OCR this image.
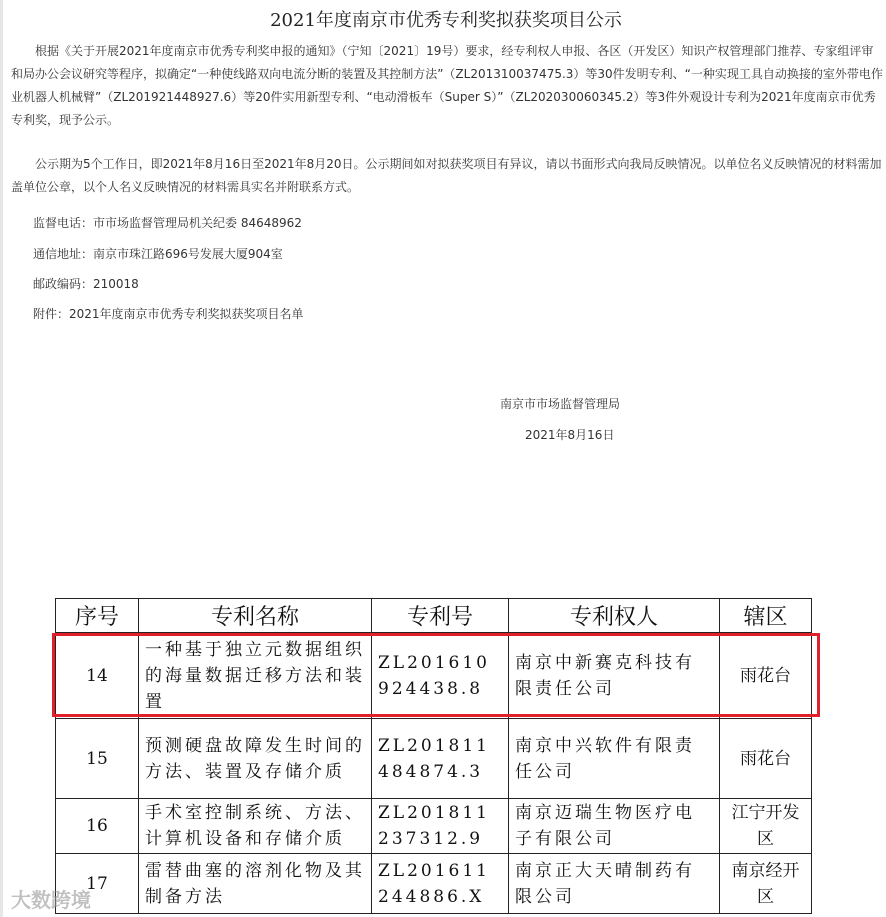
2021年度南京市优秀专利奖拟获奖项目公示
根据《关于开展2021年度南京市优秀专利奖申报的通知》（宁知〔2021〕19号）要求，经专利权人申报、各区（开发区）知识产权管理部门推荐、专家组评审和局办公会议研究等程序，拟确定“一种使线路双向电流分断的装置及其控制方法”（ZL201310037475.3）等30件发明专利、“一种实现工具自动换接的室外带电作业机器人机械臂”（ZL201921448927.6）等20件实用新型专利、“电动滑板车（Super S）”（ZL202030060345.2）等3件外观设计专利为2021年度南京市优秀专利奖，现予公示。
公示期为5个工作日，即2021年8月16日至2021年8月20日。公示期间如对拟获奖项目有异议，请以书面形式向我局反映情况。以单位名义反映情况的材料需加盖单位公章，以个人名义反映情况的材料需具实名并附联系方式。
监督电话：市市场监督管理局机关纪委 84648962
通信地址：南京市珠江路696号发展大厦904室
邮政编码：210018
附件：2021年度南京市优秀专利奖拟获奖项目名单
南京市市场监督管理局
2021年8月16日
序号	专利名称	专利号	专利权人	辖区
14	一种基于独立元数据组织的海量数据迁移方法和装置	ZL201610924438.8	南京中新赛克科技有限责任公司	雨花台
15	预测硬盘故障发生时间的方法、装置及存储介质	ZL201811484874.3	南京中兴软件有限责任公司	雨花台
16	手术室控制系统、方法、计算机设备和存储介质	ZL201811237312.9	南京迈瑞生物医疗电子有限公司	江宁开发区
17	雷替曲塞的溶剂化物及其制备方法	ZL201611244886.X	南京正大天晴制药有限公司	南京经开区
大数跨境
